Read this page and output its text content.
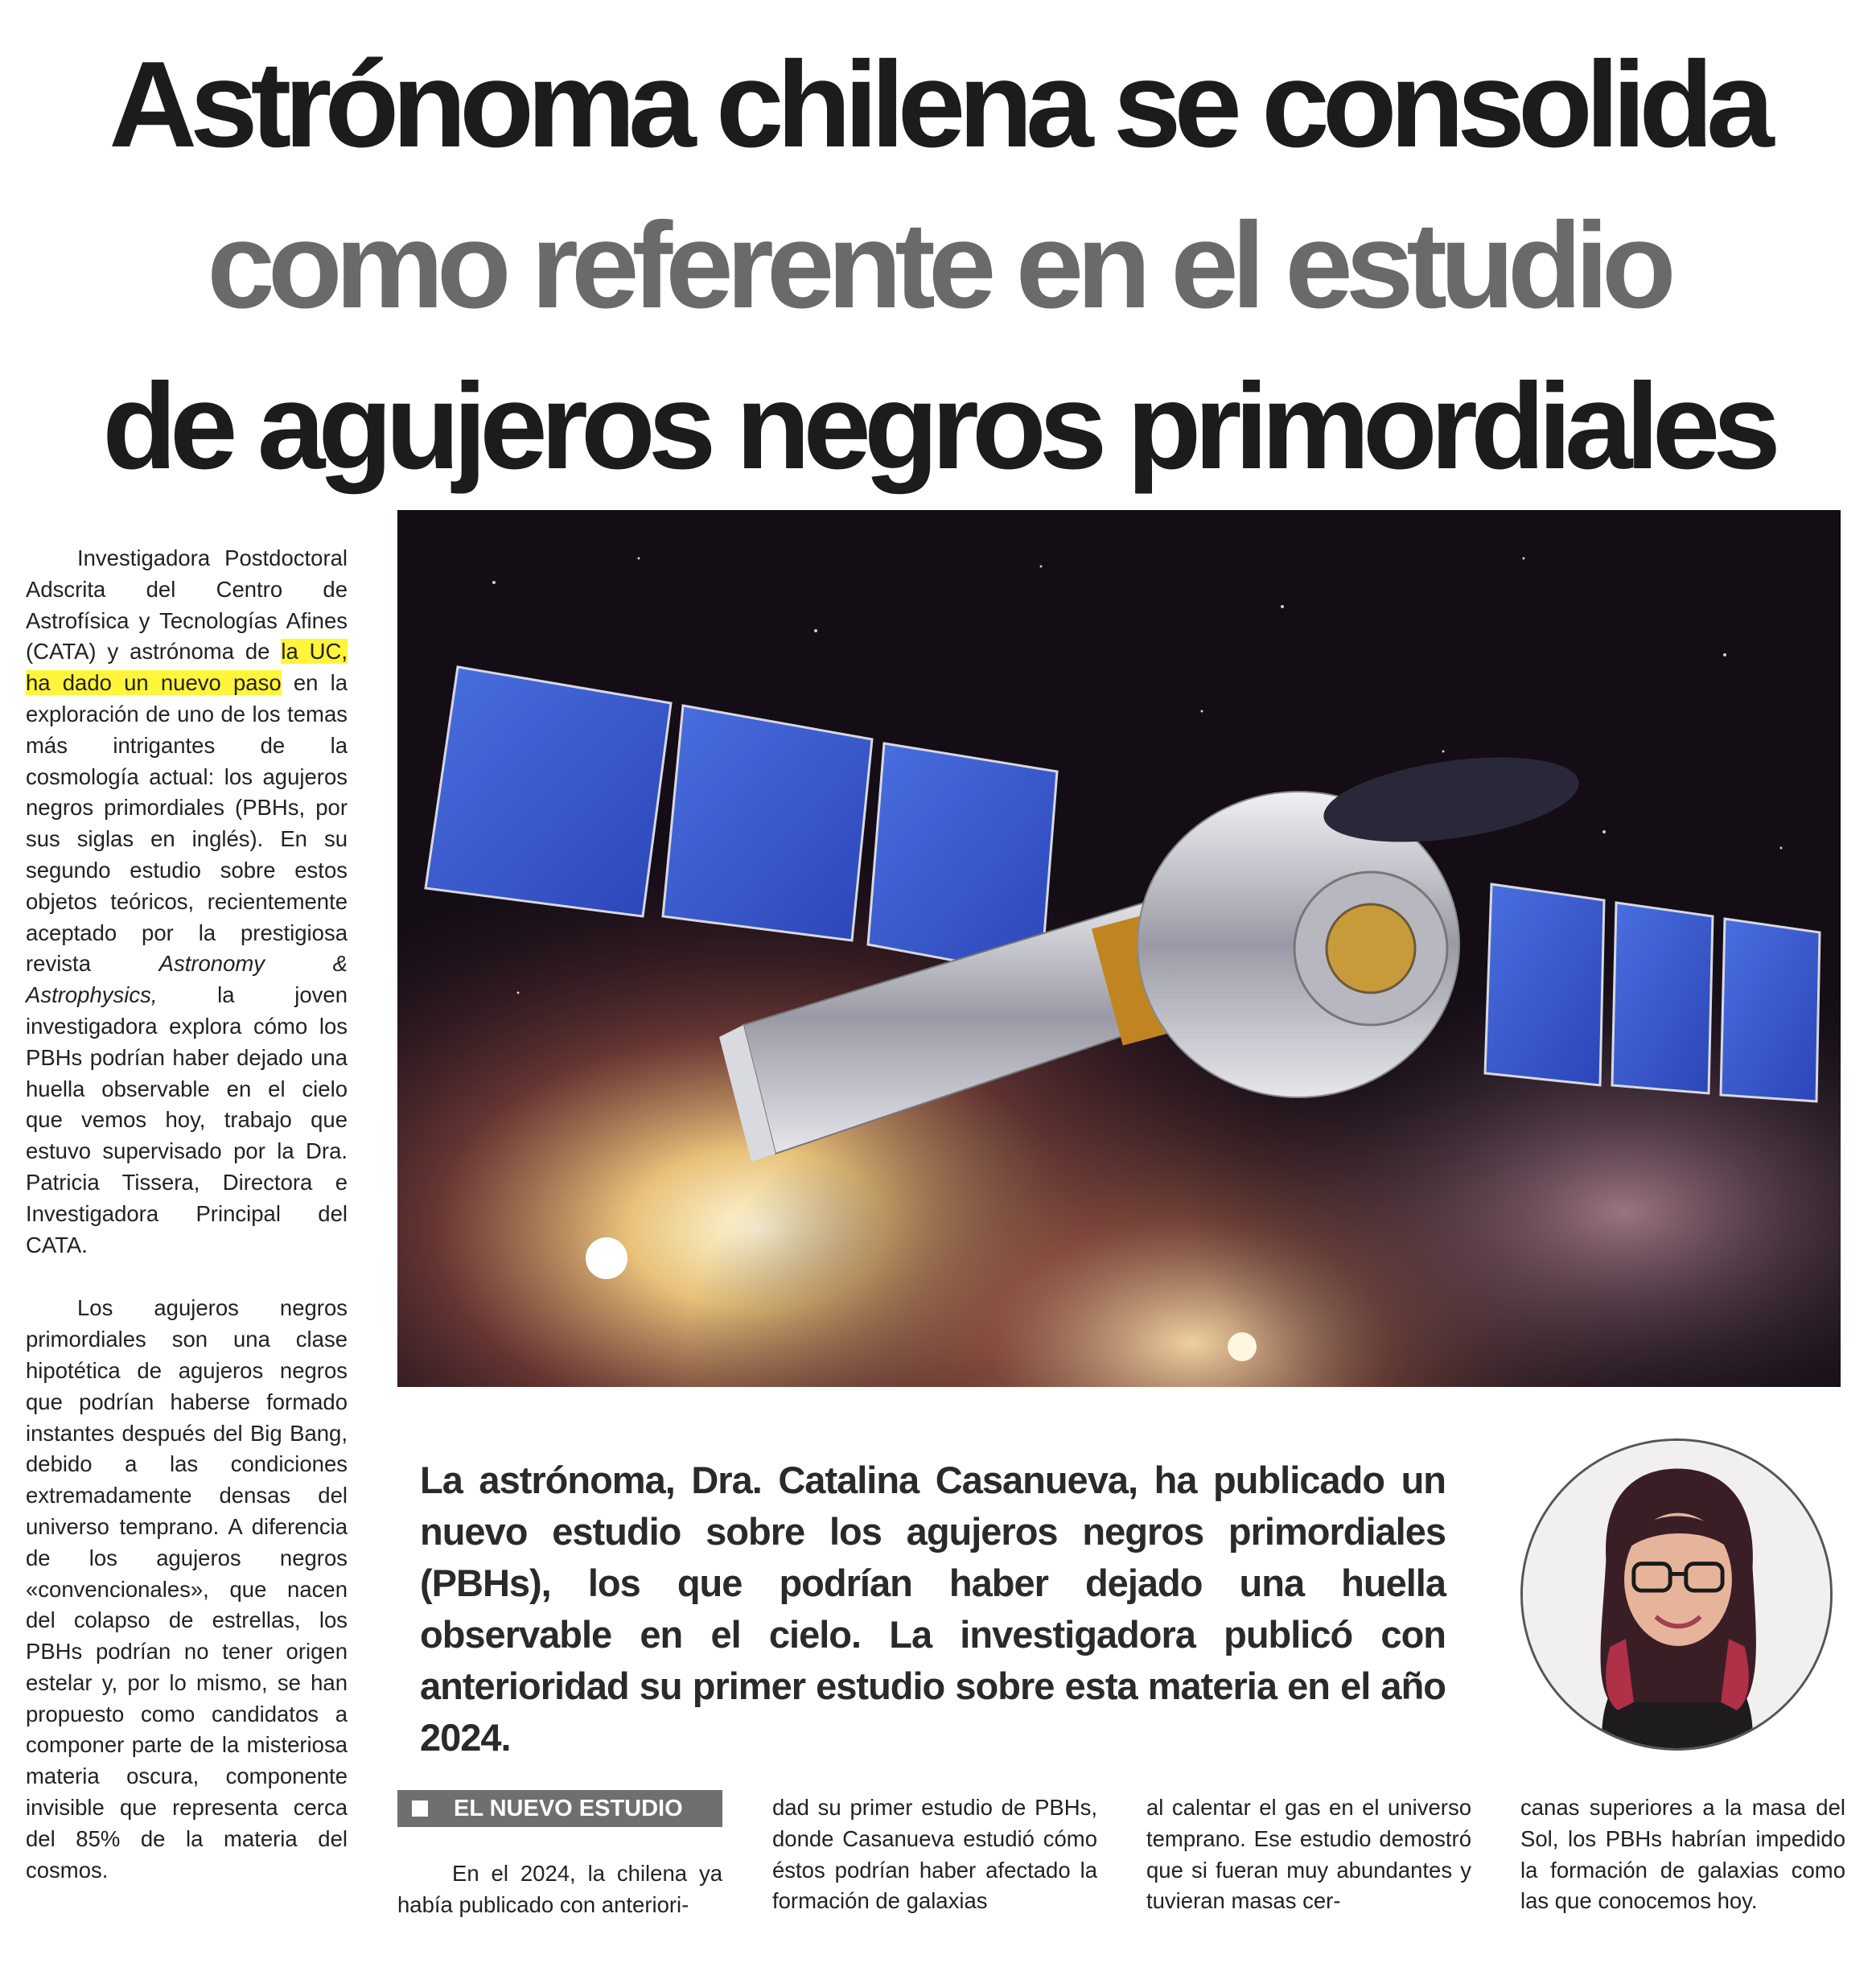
Astrónoma chilena se consolida
como referente en el estudio
de agujeros negros primordiales

Investigadora Postdoctoral Adscrita del Centro de Astrofísica y Tecnologías Afines (CATA) y astrónoma de la UC, ha dado un nuevo paso en la exploración de uno de los temas más intrigantes de la cosmología actual: los agujeros negros primordiales (PBHs, por sus siglas en inglés). En su segundo estudio sobre estos objetos teóricos, recientemente aceptado por la prestigiosa revista Astronomy & Astrophysics, la joven investigadora explora cómo los PBHs podrían haber dejado una huella observable en el cielo que vemos hoy, trabajo que estuvo supervisado por la Dra. Patricia Tissera, Directora e Investigadora Principal del CATA.

Los agujeros negros primordiales son una clase hipotética de agujeros negros que podrían haberse formado instantes después del Big Bang, debido a las condiciones extremadamente densas del universo temprano. A diferencia de los agujeros negros «convencionales», que nacen del colapso de estrellas, los PBHs podrían no tener origen estelar y, por lo mismo, se han propuesto como candidatos a componer parte de la misteriosa materia oscura, componente invisible que representa cerca del 85% de la materia del cosmos.

La astrónoma, Dra. Catalina Casanueva, ha publicado un nuevo estudio sobre los agujeros negros primordiales (PBHs), los que podrían haber dejado una huella observable en el cielo. La investigadora publicó con anterioridad su primer estudio sobre esta materia en el año 2024.
EL NUEVO ESTUDIO

En el 2024, la chilena ya había publicado con anteriori-

dad su primer estudio de PBHs, donde Casanueva estudió cómo éstos podrían haber afectado la formación de galaxias

al calentar el gas en el universo temprano. Ese estudio demostró que si fueran muy abundantes y tuvieran masas cer-

canas superiores a la masa del Sol, los PBHs habrían impedido la formación de galaxias como las que conocemos hoy.
